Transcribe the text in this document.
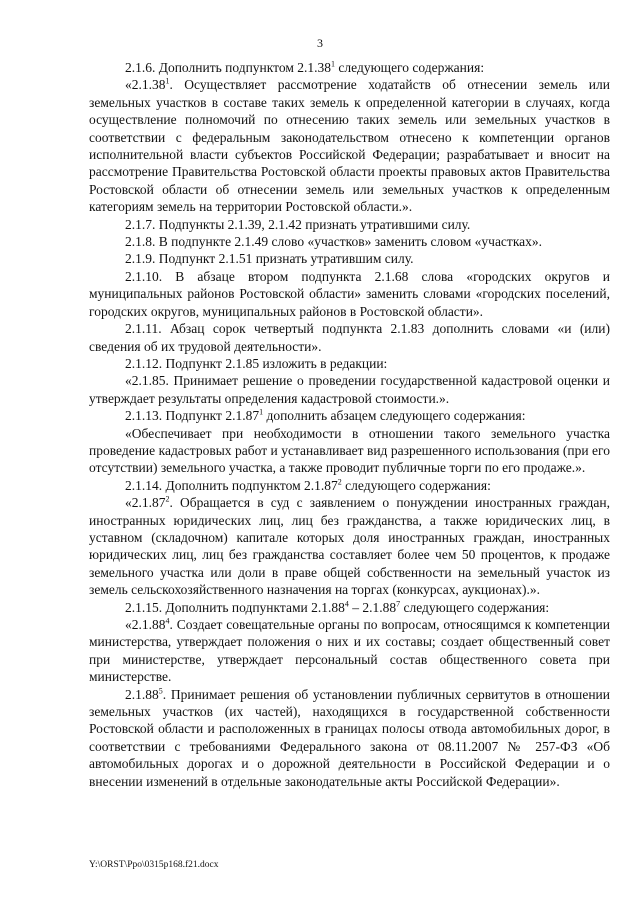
3

2.1.6. Дополнить подпунктом 2.1.38$^1$ следующего содержания:

«2.1.38$^1$. Осуществляет рассмотрение ходатайств об отнесении земель или земельных участков в составе таких земель к определенной категории в случаях, когда осуществление полномочий по отнесению таких земель или земельных участков в соответствии с федеральным законодательством отнесено к компетенции органов исполнительной власти субъектов Российской Федерации; разрабатывает и вносит на рассмотрение Правительства Ростовской области проекты правовых актов Правительства Ростовской области об отнесении земель или земельных участков к определенным категориям земель на территории Ростовской области.».

2.1.7. Подпункты 2.1.39, 2.1.42 признать утратившими силу.

2.1.8. В подпункте 2.1.49 слово «участков» заменить словом «участках».

2.1.9. Подпункт 2.1.51 признать утратившим силу.

2.1.10. В абзаце втором подпункта 2.1.68 слова «городских округов и муниципальных районов Ростовской области» заменить словами «городских поселений, городских округов, муниципальных районов в Ростовской области».

2.1.11. Абзац сорок четвертый подпункта 2.1.83 дополнить словами «и (или) сведения об их трудовой деятельности».

2.1.12. Подпункт 2.1.85 изложить в редакции:

«2.1.85. Принимает решение о проведении государственной кадастровой оценки и утверждает результаты определения кадастровой стоимости.».

2.1.13. Подпункт 2.1.87$^1$ дополнить абзацем следующего содержания:

«Обеспечивает при необходимости в отношении такого земельного участка проведение кадастровых работ и устанавливает вид разрешенного использования (при его отсутствии) земельного участка, а также проводит публичные торги по его продаже.».

2.1.14. Дополнить подпунктом 2.1.87$^2$ следующего содержания:

«2.1.87$^2$. Обращается в суд с заявлением о понуждении иностранных граждан, иностранных юридических лиц, лиц без гражданства, а также юридических лиц, в уставном (складочном) капитале которых доля иностранных граждан, иностранных юридических лиц, лиц без гражданства составляет более чем 50 процентов, к продаже земельного участка или доли в праве общей собственности на земельный участок из земель сельскохозяйственного назначения на торгах (конкурсах, аукционах).».

2.1.15. Дополнить подпунктами 2.1.88$^4$ – 2.1.88$^7$ следующего содержания:

«2.1.88$^4$. Создает совещательные органы по вопросам, относящимся к компетенции министерства, утверждает положения о них и их составы; создает общественный совет при министерстве, утверждает персональный состав общественного совета при министерстве.

2.1.88$^5$. Принимает решения об установлении публичных сервитутов в отношении земельных участков (их частей), находящихся в государственной собственности Ростовской области и расположенных в границах полосы отвода автомобильных дорог, в соответствии с требованиями Федерального закона от 08.11.2007 № 257-ФЗ «Об автомобильных дорогах и о дорожной деятельности в Российской Федерации и о внесении изменений в отдельные законодательные акты Российской Федерации».

Y:\ORST\Ppo\0315p168.f21.docx
